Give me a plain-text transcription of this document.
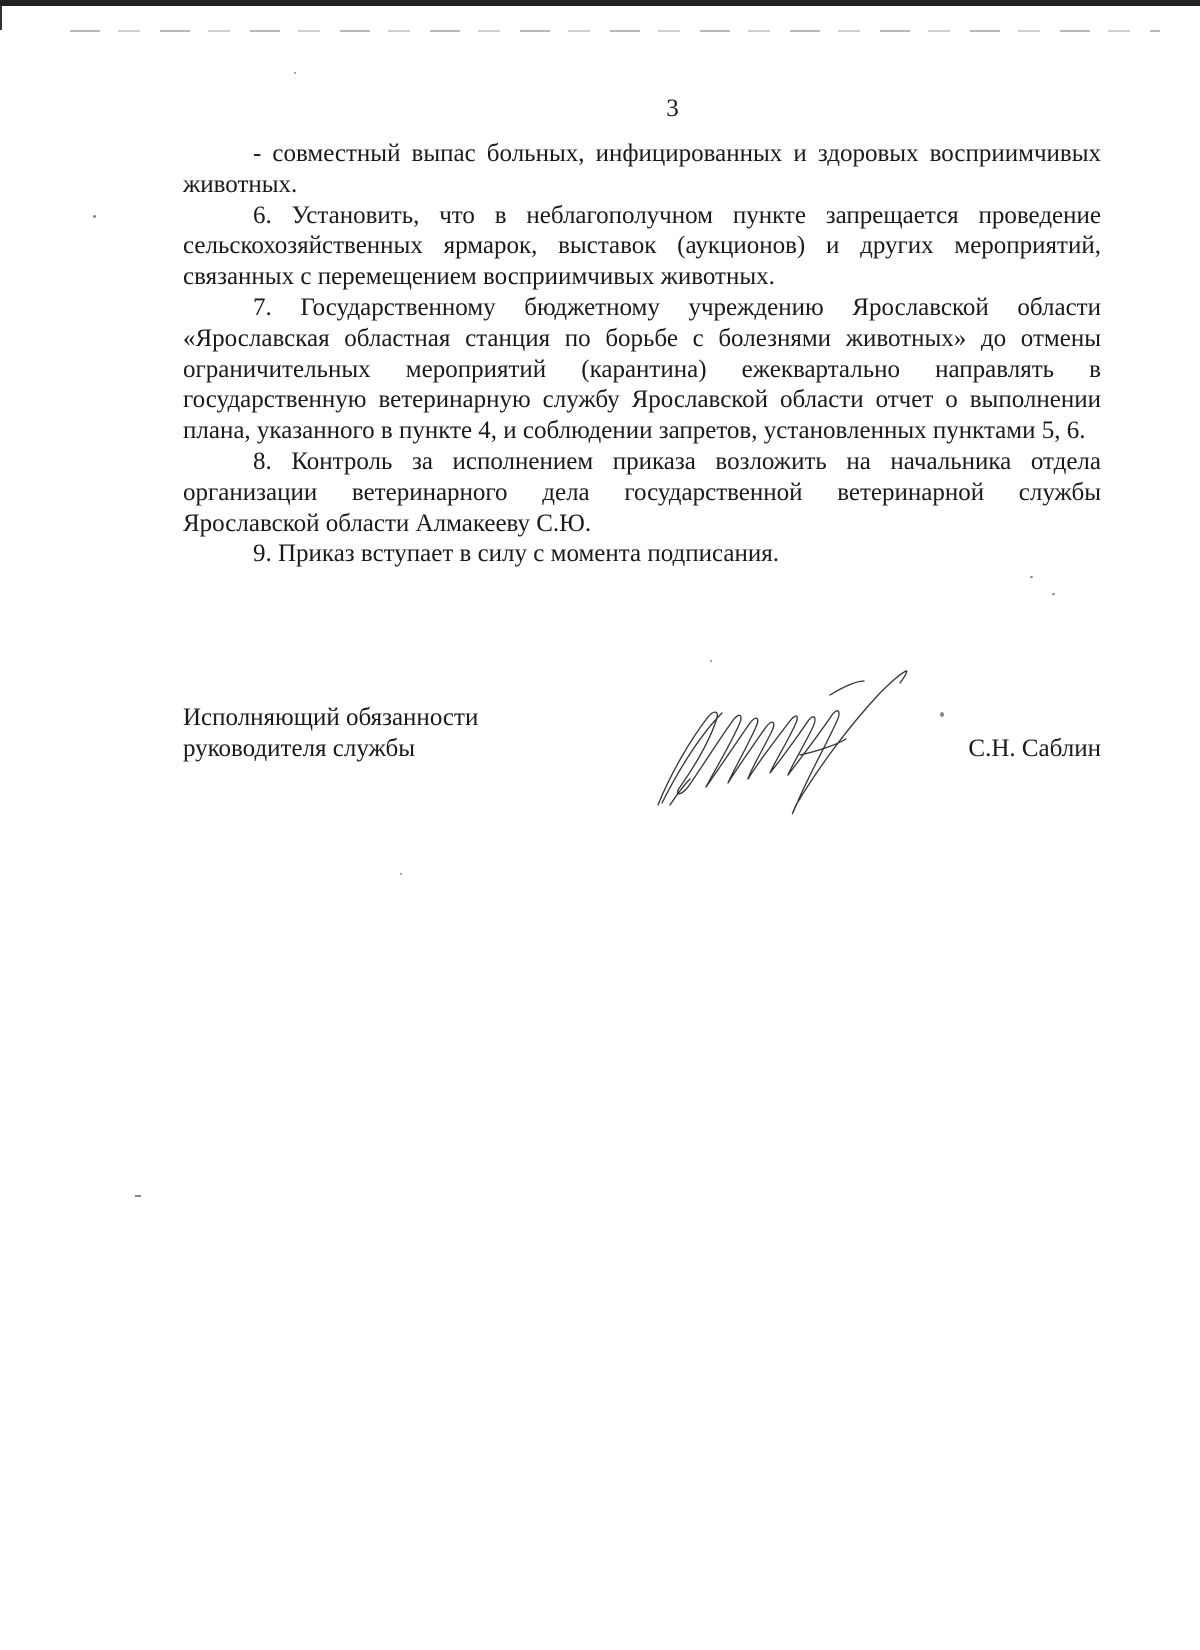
3

- совместный выпас больных, инфицированных и здоровых восприимчивых животных.

6. Установить, что в неблагополучном пункте запрещается проведение сельскохозяйственных ярмарок, выставок (аукционов) и других мероприятий, связанных с перемещением восприимчивых животных.

7. Государственному бюджетному учреждению Ярославской области «Ярославская областная станция по борьбе с болезнями животных» до отмены ограничительных мероприятий (карантина) ежеквартально направлять в государственную ветеринарную службу Ярославской области отчет о выполнении плана, указанного в пункте 4, и соблюдении запретов, установленных пунктами 5, 6.

8. Контроль за исполнением приказа возложить на начальника отдела организации ветеринарного дела государственной ветеринарной службы Ярославской области Алмакееву С.Ю.

9. Приказ вступает в силу с момента подписания.

Исполняющий обязанности
руководителя службы	С.Н. Саблин
